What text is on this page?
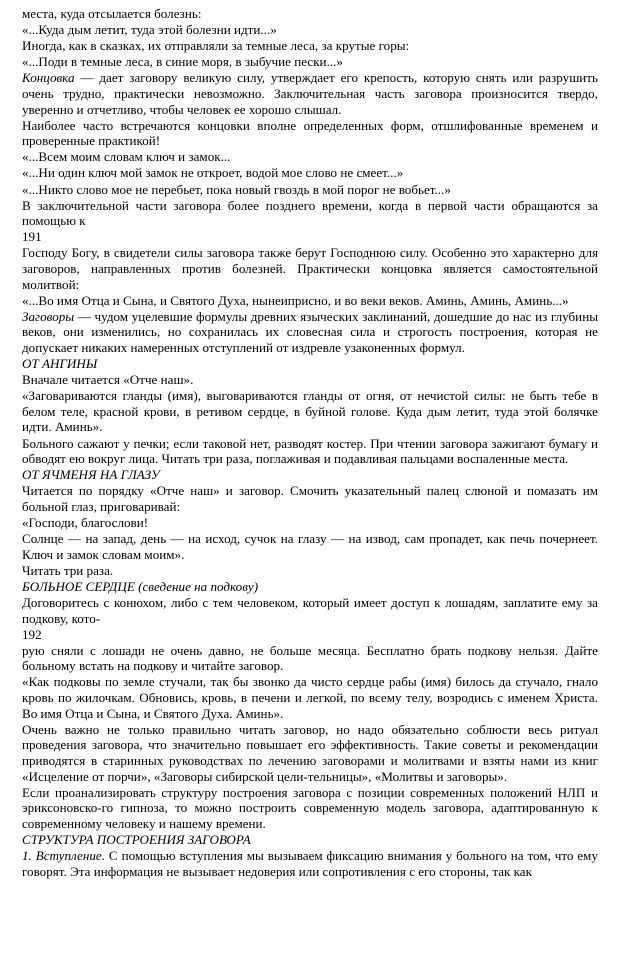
места, куда отсылается болезнь:

«...Куда дым летит, туда этой болезни идти...»

Иногда, как в сказках, их отправляли за темные леса, за крутые горы:

«...Поди в темные леса, в синие моря, в зыбучие пески...»

Концовка — дает заговору великую силу, утверждает его крепость, которую снять или разрушить очень трудно, практически невозможно. Заключительная часть заговора произносится твердо, уверенно и отчетливо, чтобы человек ее хорошо слышал.

Наиболее часто встречаются концовки вполне определенных форм, отшлифованные временем и проверенные практикой!

«...Всем моим словам ключ и замок...

«...Ни один ключ мой замок не откроет, водой мое слово не смеет...»

«...Никто слово мое не перебьет, пока новый гвоздь в мой порог не вобьет...»

В заключительной части заговора более позднего времени, когда в первой части обращаются за помощью к

191

Господу Богу, в свидетели силы заговора также берут Господнюю силу. Особенно это характерно для заговоров, направленных против болезней. Практически концовка является самостоятельной молитвой:

«...Во имя Отца и Сына, и Святого Духа, нынеиприсно, и во веки веков. Аминь, Аминь, Аминь...»

Заговоры — чудом уцелевшие формулы древних языческих заклинаний, дошедшие до нас из глубины веков, они изменились, но сохранилась их словесная сила и строгость построения, которая не допускает никаких намеренных отступлений от издревле узаконенных формул.

ОТ АНГИНЫ

Вначале читается «Отче наш».

«Заговариваются гланды (имя), выговариваются гланды от огня, от нечистой силы: не быть тебе в белом теле, красной крови, в ретивом сердце, в буйной голове. Куда дым летит, туда этой болячке идти. Аминь».

Больного сажают у печки; если таковой нет, разводят костер. При чтении заговора зажигают бумагу и обводят ею вокруг лица. Читать три раза, поглаживая и подавливая пальцами воспаленные места.

ОТ ЯЧМЕНЯ НА ГЛАЗУ

Читается по порядку «Отче наш» и заговор. Смочить указательный палец слюной и помазать им больной глаз, приговаривай:

«Господи, благослови!

Солнце — на запад, день — на исход, сучок на глазу — на извод, сам пропадет, как печь почернеет. Ключ и замок словам моим».

Читать три раза.

БОЛЬНОЕ СЕРДЦЕ (сведение на подкову)

Договоритесь с конюхом, либо с тем человеком, который имеет доступ к лошадям, заплатите ему за подкову, кото-

192

рую сняли с лошади не очень давно, не больше месяца. Бесплатно брать подкову нельзя. Дайте больному встать на подкову и читайте заговор.

«Как подковы по земле стучали, так бы звонко да чисто сердце рабы (имя) билось да стучало, гнало кровь по жилочкам. Обновись, кровь, в печени и легкой, по всему телу, возродись с именем Христа. Во имя Отца и Сына, и Святого Духа. Аминь».

Очень важно не только правильно читать заговор, но надо обязательно соблюсти весь ритуал проведения заговора, что значительно повышает его эффективность. Такие советы и рекомендации приводятся в старинных руководствах по лечению заговорами и молитвами и взяты нами из книг «Исцеление от порчи», «Заговоры сибирской цели-тельницы», «Молитвы и заговоры».

Если проанализировать структуру построения заговора с позиции современных положений НЛП и эриксоновско-го гипноза, то можно построить современную модель заговора, адаптированную к современному человеку и нашему времени.

СТРУКТУРА ПОСТРОЕНИЯ ЗАГОВОРА

1. Вступление. С помощью вступления мы вызываем фиксацию внимания у больного на том, что ему говорят. Эта информация не вызывает недоверия или сопротивления с его стороны, так как
